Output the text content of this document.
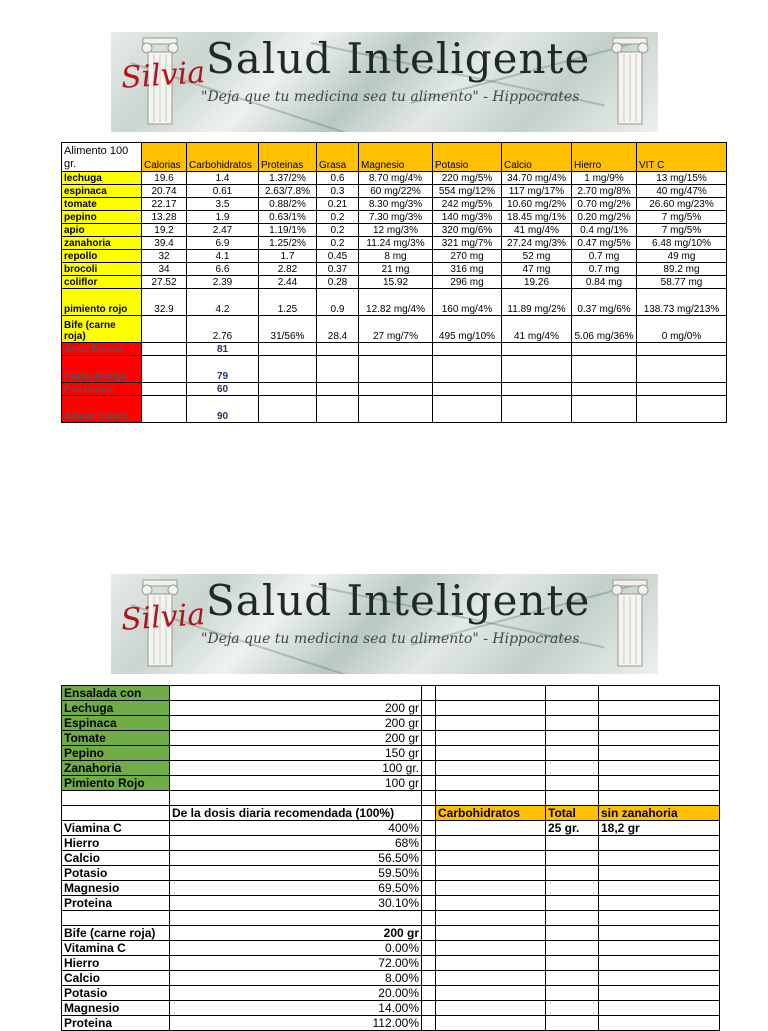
Silvia Salud Inteligente
"Deja que tu medicina sea tu alimento" - Hippocrates
Alimento 100 gr.	Calorias	Carbohidratos	Proteinas	Grasa	Magnesio	Potasio	Calcio	Hierro	VIT C
lechuga	19.6	1.4	1.37/2%	0.6	8.70 mg/4%	220 mg/5%	34.70 mg/4%	1 mg/9%	13 mg/15%
espinaca	20.74	0.61	2.63/7.8%	0.3	60 mg/22%	554 mg/12%	117 mg/17%	2.70 mg/8%	40 mg/47%
tomate	22.17	3.5	0.88/2%	0.21	8.30 mg/3%	242 mg/5%	10.60 mg/2%	0.70 mg/2%	26.60 mg/23%
pepino	13.28	1.9	0.63/1%	0.2	7.30 mg/3%	140 mg/3%	18.45 mg/1%	0.20 mg/2%	7 mg/5%
apio	19.2	2.47	1.19/1%	0.2	12 mg/3%	320 mg/6%	41 mg/4%	0.4 mg/1%	7 mg/5%
zanahoria	39.4	6.9	1.25/2%	0.2	11.24 mg/3%	321 mg/7%	27.24 mg/3%	0.47 mg/5%	6.48 mg/10%
repollo	32	4.1	1.7	0.45	8 mg	270 mg	52 mg	0.7 mg	49 mg
brocoli	34	6.6	2.82	0.37	21 mg	316 mg	47 mg	0.7 mg	89.2 mg
coliflor	27.52	2.39	2.44	0.28	15.92	296 mg	19.26	0.84 mg	58.77 mg
pimiento rojo	32.9	4.2	1.25	0.9	12.82 mg/4%	160 mg/4%	11.89 mg/2%	0.37 mg/6%	138.73 mg/213%
Bife (carne roja)		2.76	31/56%	28.4	27 mg/7%	495 mg/10%	41 mg/4%	5.06 mg/36%	0 mg/0%
Arroz Blanco		81							
Pasta de trigo		79							
Pan blanco		60							
Azucar blanco		90							
Silvia Salud Inteligente
"Deja que tu medicina sea tu alimento" - Hippocrates
Ensalada con					
Lechuga	200 gr				
Espinaca	200 gr				
Tomate	200 gr				
Pepino	150 gr				
Zanahoria	100 gr.				
Pimiento Rojo	100 gr				

	De la dosis diaria recomendada (100%)		Carbohidratos	Total	sin zanahoria
Viamina C	400%			25 gr.	18,2 gr
Hierro	68%				
Calcio	56.50%				
Potasio	59.50%				
Magnesio	69.50%				
Proteina	30.10%				

Bife (carne roja)	200 gr				
Vitamina C	0.00%				
Hierro	72.00%				
Calcio	8.00%				
Potasio	20.00%				
Magnesio	14.00%				
Proteina	112.00%				
